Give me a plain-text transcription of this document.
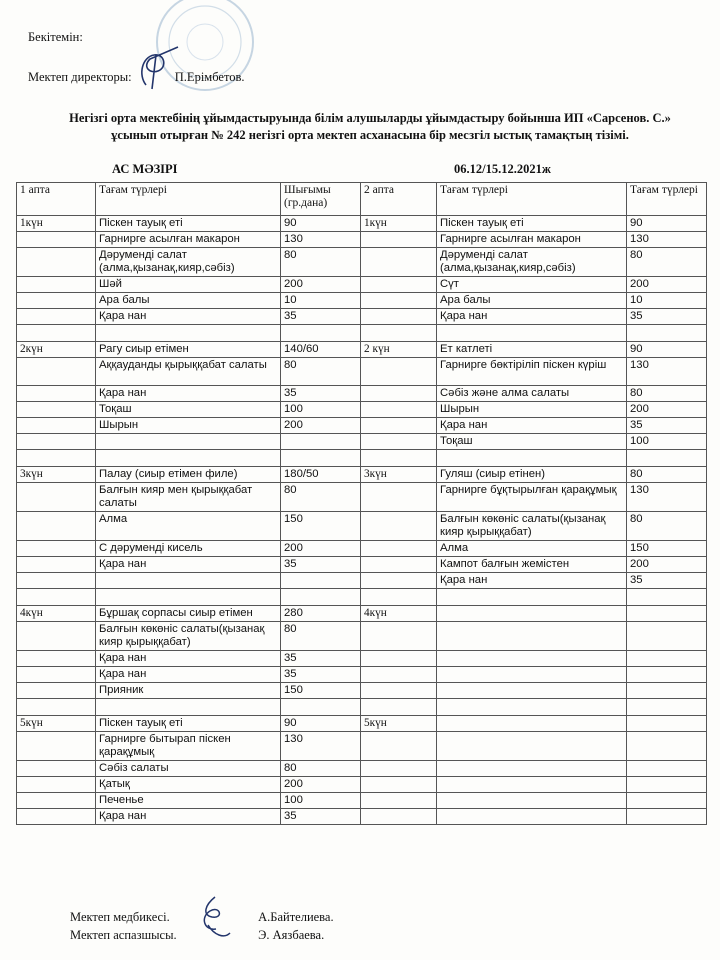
Бекітемін:
Мектеп директоры:	П.Ерімбетов.
Негізгі орта мектебінің ұйымдастыруында білім алушыларды ұйымдастыру бойынша ИП «Сарсенов. С.»
ұсынып отырған № 242 негізгі орта мектеп асханасына бір месзгіл ыстық тамақтың тізімі.
АС МӘЗІРІ	06.12/15.12.2021ж
1 апта	Тағам түрлері	Шығымы (гр.дана)	2 апта	Тағам түрлері	Тағам түрлері
1күн	Піскен тауық еті	90	1күн	Піскен тауық еті	90
	Гарнирге асылған макарон	130		Гарнирге асылған макарон	130
	Дәруменді салат (алма,қызанақ,кияр,сәбіз)	80		Дәруменді салат (алма,қызанақ,кияр,сәбіз)	80
	Шәй	200		Сүт	200
	Ара балы	10		Ара балы	10
	Қара нан	35		Қара нан	35

2күн	Рагу сиыр етімен	140/60	2 күн	Ет катлеті	90
	Аққауданды қырыққабат салаты	80		Гарнирге бөктіріліп піскен күріш	130
	Қара нан	35		Сәбіз және алма салаты	80
	Тоқаш	100		Шырын	200
	Шырын	200		Қара нан	35
				Тоқаш	100

3күн	Палау (сиыр етімен филе)	180/50	3күн	Гуляш (сиыр етінен)	80
	Балғын кияр мен қырыққабат салаты	80		Гарнирге бұқтырылған қарақұмық	130
	Алма	150		Балғын көкөніс салаты(қызанақ кияр қырыққабат)	80
	С дәруменді кисель	200		Алма	150
	Қара нан	35		Кампот балғын жемістен	200
				Қара нан	35

4күн	Бұршақ сорпасы сиыр етімен	280	4күн		
	Балғын көкөніс салаты(қызанақ кияр қырыққабат)	80			
	Қара нан	35			
	Қара нан	35			
	Прияник	150			

5күн	Піскен тауық еті	90	5күн		
	Гарнирге бытырап піскен қарақұмық	130			
	Сәбіз салаты	80			
	Қатық	200			
	Печенье	100			
	Қара нан	35			
Мектеп медбикесі.	А.Байтелиева.
Мектеп аспазшысы.	Э. Аязбаева.
